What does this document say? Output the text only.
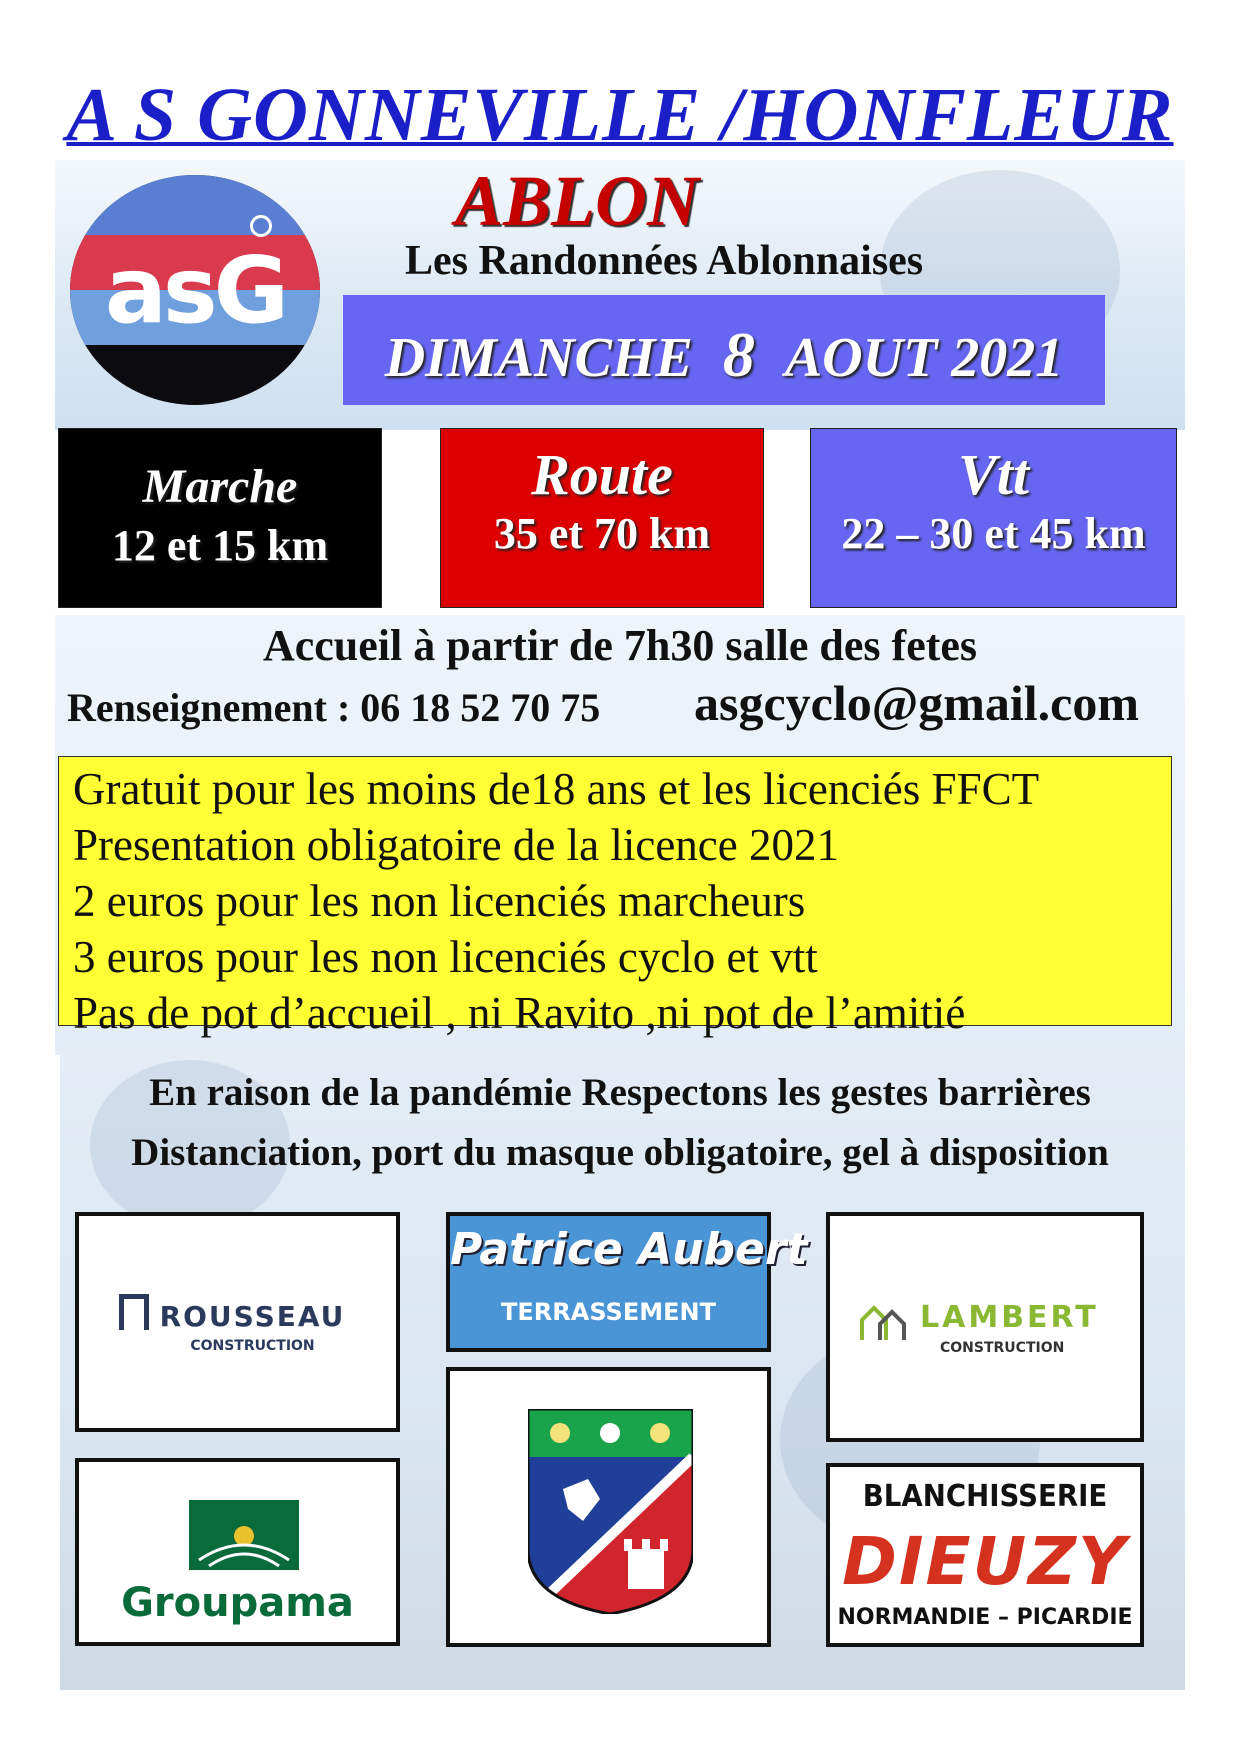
A S GONNEVILLE /HONFLEUR
asG
ABLON
Les Randonnées Ablonnaises
DIMANCHE 8 AOUT 2021
Marche
12 et 15 km
Route
35 et 70 km
Vtt
22 – 30 et 45 km
Accueil à partir de 7h30 salle des fetes
Renseignement : 06 18 52 70 75 asgcyclo@gmail.com
Gratuit pour les moins de18 ans et les licenciés FFCT
Presentation obligatoire de la licence 2021
2 euros pour les non licenciés marcheurs
3 euros pour les non licenciés cyclo et vtt
Pas de pot d’accueil , ni Ravito ,ni pot de l’amitié
En raison de la pandémie Respectons les gestes barrières
Distanciation, port du masque obligatoire, gel à disposition
ROUSSEAU
CONSTRUCTION
Patrice Aubert
TERRASSEMENT	LAMBERT
CONSTRUCTION
Groupama
BLANCHISSERIE
DIEUZY
NORMANDIE – PICARDIE
